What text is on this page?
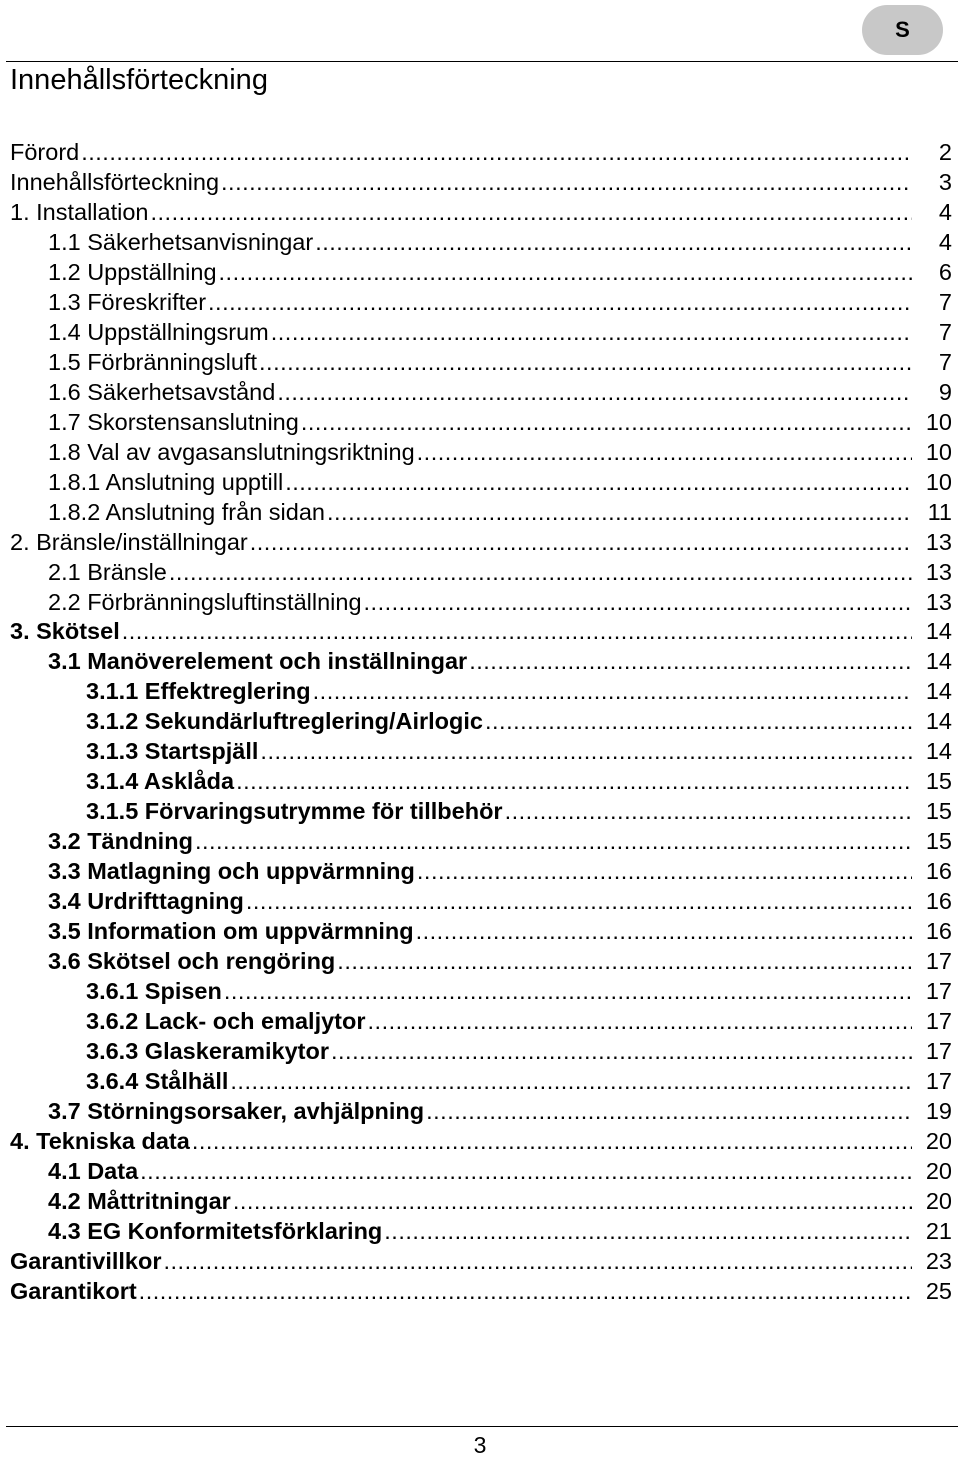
S
Innehållsförteckning
Förord .....	2
Innehållsförteckning .....	3
1. Installation .....	4
1.1 Säkerhetsanvisningar .....	4
1.2 Uppställning .....	6
1.3 Föreskrifter .....	7
1.4 Uppställningsrum .....	7
1.5 Förbränningsluft .....	7
1.6 Säkerhetsavstånd .....	9
1.7 Skorstensanslutning .....	10
1.8 Val av avgasanslutningsriktning .....	10
1.8.1 Anslutning upptill .....	10
1.8.2 Anslutning från sidan .....	11
2. Bränsle/inställningar .....	13
2.1 Bränsle .....	13
2.2 Förbränningsluftinställning .....	13
3. Skötsel .....	14
3.1 Manöverelement och inställningar .....	14
3.1.1 Effektreglering .....	14
3.1.2 Sekundärluftreglering/Airlogic .....	14
3.1.3 Startspjäll .....	14
3.1.4 Asklåda .....	15
3.1.5 Förvaringsutrymme för tillbehör .....	15
3.2 Tändning .....	15
3.3 Matlagning och uppvärmning .....	16
3.4 Urdrifttagning .....	16
3.5 Information om uppvärmning .....	16
3.6 Skötsel och rengöring .....	17
3.6.1 Spisen .....	17
3.6.2 Lack- och emaljytor .....	17
3.6.3 Glaskeramikytor .....	17
3.6.4 Stålhäll .....	17
3.7 Störningsorsaker, avhjälpning .....	19
4. Tekniska data .....	20
4.1 Data .....	20
4.2 Måttritningar .....	20
4.3 EG Konformitetsförklaring .....	21
Garantivillkor .....	23
Garantikort .....	25
3
